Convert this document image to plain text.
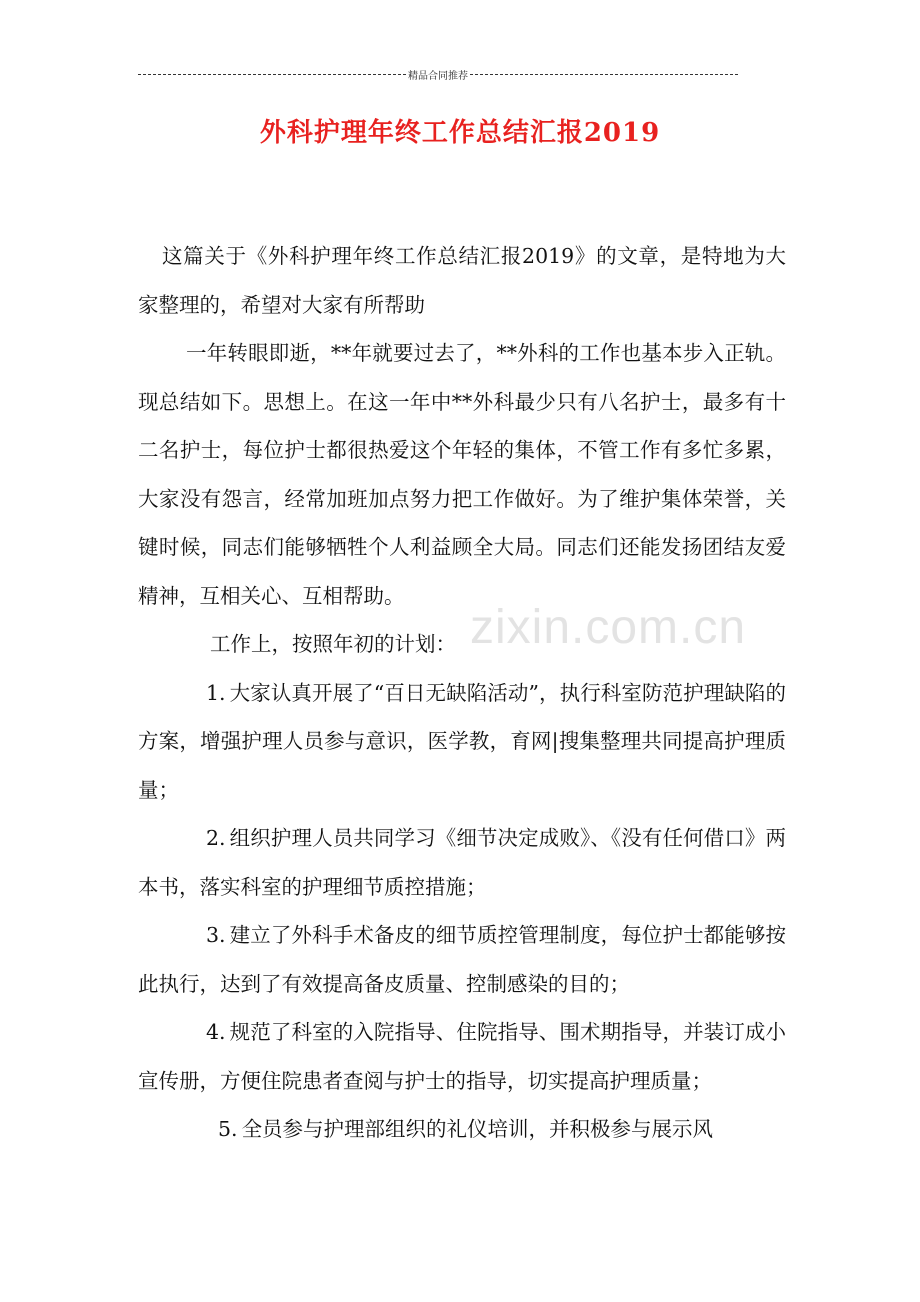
精品合同推荐
外科护理年终工作总结汇报2019
zixin.com.cn

这篇关于《外科护理年终工作总结汇报2019》的文章，是特地为大家整理的，希望对大家有所帮助

一年转眼即逝，**年就要过去了，**外科的工作也基本步入正轨。现总结如下。思想上。在这一年中**外科最少只有八名护士，最多有十二名护士，每位护士都很热爱这个年轻的集体，不管工作有多忙多累，大家没有怨言，经常加班加点努力把工作做好。为了维护集体荣誉，关键时候，同志们能够牺牲个人利益顾全大局。同志们还能发扬团结友爱精神，互相关心、互相帮助。

工作上，按照年初的计划：

1. 大家认真开展了“百日无缺陷活动”，执行科室防范护理缺陷的方案，增强护理人员参与意识，医学教，育网|搜集整理共同提高护理质量；

2. 组织护理人员共同学习《细节决定成败》、《没有任何借口》两本书，落实科室的护理细节质控措施；

3. 建立了外科手术备皮的细节质控管理制度，每位护士都能够按此执行，达到了有效提高备皮质量、控制感染的目的；

4. 规范了科室的入院指导、住院指导、围术期指导，并装订成小宣传册，方便住院患者查阅与护士的指导，切实提高护理质量；

5. 全员参与护理部组织的礼仪培训，并积极参与展示风
